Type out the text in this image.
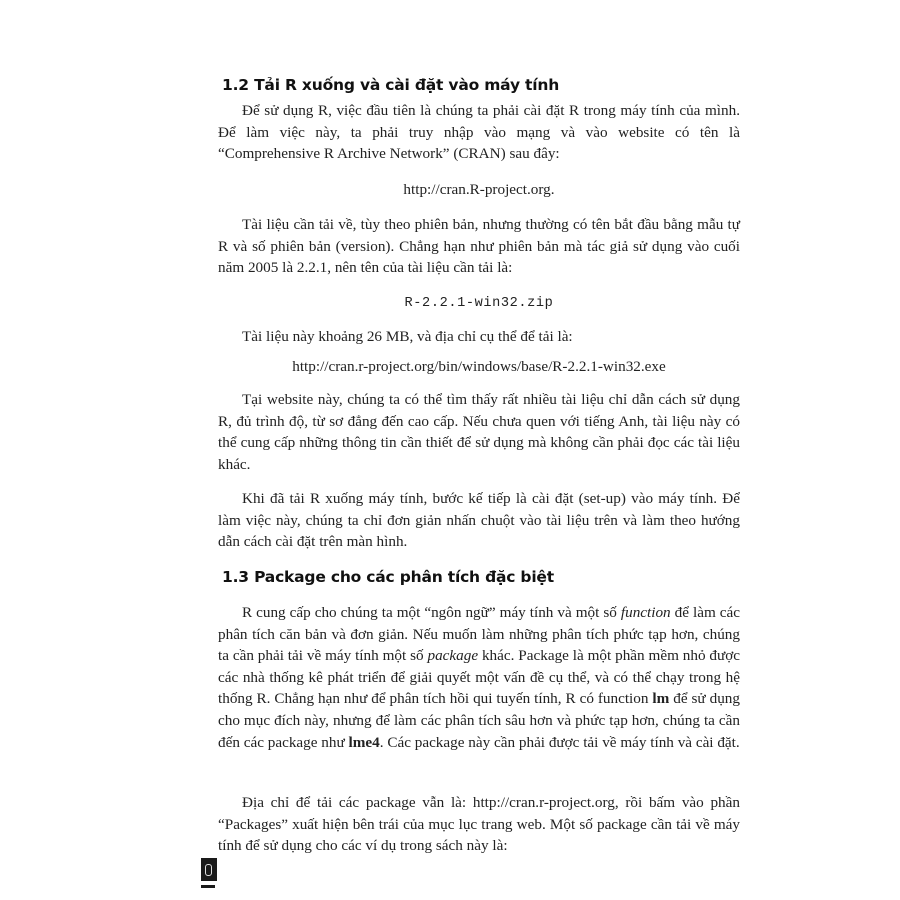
1.2 Tải R xuống và cài đặt vào máy tính

Để sử dụng R, việc đầu tiên là chúng ta phải cài đặt R trong máy tính của mình. Để làm việc này, ta phải truy nhập vào mạng và vào website có tên là “Comprehensive R Archive Network” (CRAN) sau đây:

http://cran.R-project.org.

Tài liệu cần tải về, tùy theo phiên bản, nhưng thường có tên bắt đầu bằng mẫu tự R và số phiên bản (version). Chẳng hạn như phiên bản mà tác giả sử dụng vào cuối năm 2005 là 2.2.1, nên tên của tài liệu cần tải là:

R-2.2.1-win32.zip

Tài liệu này khoảng 26 MB, và địa chỉ cụ thể để tải là:

http://cran.r-project.org/bin/windows/base/R-2.2.1-win32.exe

Tại website này, chúng ta có thể tìm thấy rất nhiều tài liệu chỉ dẫn cách sử dụng R, đủ trình độ, từ sơ đẳng đến cao cấp. Nếu chưa quen với tiếng Anh, tài liệu này có thể cung cấp những thông tin cần thiết để sử dụng mà không cần phải đọc các tài liệu khác.

Khi đã tải R xuống máy tính, bước kế tiếp là cài đặt (set-up) vào máy tính. Để làm việc này, chúng ta chỉ đơn giản nhấn chuột vào tài liệu trên và làm theo hướng dẫn cách cài đặt trên màn hình.

1.3 Package cho các phân tích đặc biệt

R cung cấp cho chúng ta một “ngôn ngữ” máy tính và một số function để làm các phân tích căn bản và đơn giản. Nếu muốn làm những phân tích phức tạp hơn, chúng ta cần phải tải về máy tính một số package khác. Package là một phần mềm nhỏ được các nhà thống kê phát triển để giải quyết một vấn đề cụ thể, và có thể chạy trong hệ thống R. Chẳng hạn như để phân tích hồi qui tuyến tính, R có function lm để sử dụng cho mục đích này, nhưng để làm các phân tích sâu hơn và phức tạp hơn, chúng ta cần đến các package như lme4. Các package này cần phải được tải về máy tính và cài đặt.

Địa chỉ để tải các package vẫn là: http://cran.r-project.org, rồi bấm vào phần “Packages” xuất hiện bên trái của mục lục trang web. Một số package cần tải về máy tính để sử dụng cho các ví dụ trong sách này là:
